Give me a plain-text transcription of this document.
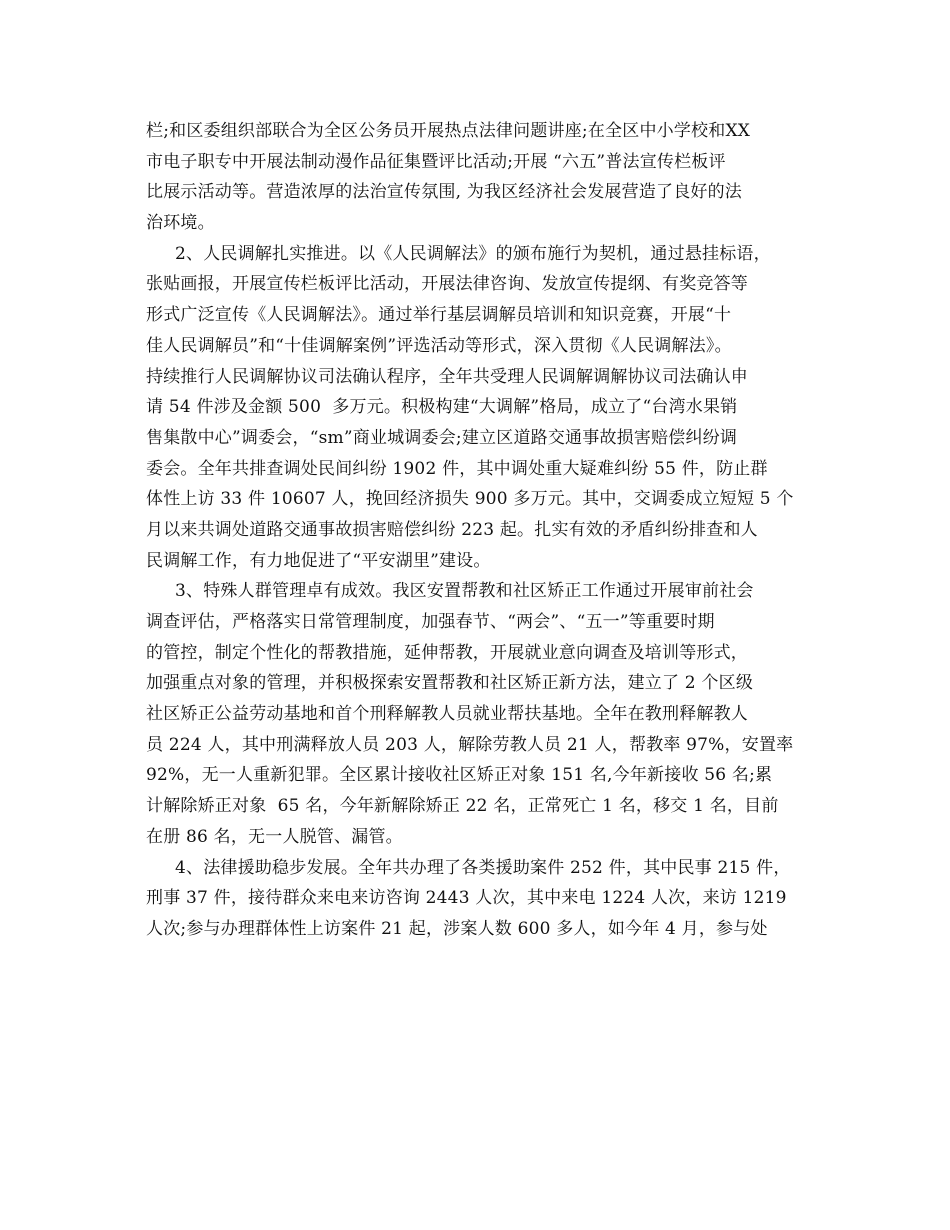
栏;和区委组织部联合为全区公务员开展热点法律问题讲座;在全区中小学校和XX
市电子职专中开展法制动漫作品征集暨评比活动;开展 “六五”普法宣传栏板评
比展示活动等。营造浓厚的法治宣传氛围, 为我区经济社会发展营造了良好的法
治环境。
2、人民调解扎实推进。以《人民调解法》的颁布施行为契机，通过悬挂标语，
张贴画报，开展宣传栏板评比活动，开展法律咨询、发放宣传提纲、有奖竞答等
形式广泛宣传《人民调解法》。通过举行基层调解员培训和知识竞赛，开展“十
佳人民调解员”和“十佳调解案例”评选活动等形式，深入贯彻《人民调解法》。
持续推行人民调解协议司法确认程序，全年共受理人民调解调解协议司法确认申
请 54 件涉及金额 500  多万元。积极构建“大调解”格局，成立了“台湾水果销
售集散中心”调委会，“sm”商业城调委会;建立区道路交通事故损害赔偿纠纷调
委会。全年共排查调处民间纠纷 1902 件，其中调处重大疑难纠纷 55 件，防止群
体性上访 33 件 10607 人，挽回经济损失 900 多万元。其中，交调委成立短短 5 个
月以来共调处道路交通事故损害赔偿纠纷 223 起。扎实有效的矛盾纠纷排查和人
民调解工作，有力地促进了“平安湖里”建设。
3、特殊人群管理卓有成效。我区安置帮教和社区矫正工作通过开展审前社会
调查评估，严格落实日常管理制度，加强春节、“两会”、“五一”等重要时期
的管控，制定个性化的帮教措施，延伸帮教，开展就业意向调查及培训等形式，
加强重点对象的管理，并积极探索安置帮教和社区矫正新方法，建立了 2 个区级
社区矫正公益劳动基地和首个刑释解教人员就业帮扶基地。全年在教刑释解教人
员 224 人，其中刑满释放人员 203 人，解除劳教人员 21 人，帮教率 97%，安置率
92%，无一人重新犯罪。全区累计接收社区矫正对象 151 名,今年新接收 56 名;累
计解除矫正对象  65 名，今年新解除矫正 22 名，正常死亡 1 名，移交 1 名，目前
在册 86 名，无一人脱管、漏管。
4、法律援助稳步发展。全年共办理了各类援助案件 252 件，其中民事 215 件，
刑事 37 件，接待群众来电来访咨询 2443 人次，其中来电 1224 人次，来访 1219
人次;参与办理群体性上访案件 21 起，涉案人数 600 多人，如今年 4 月，参与处
